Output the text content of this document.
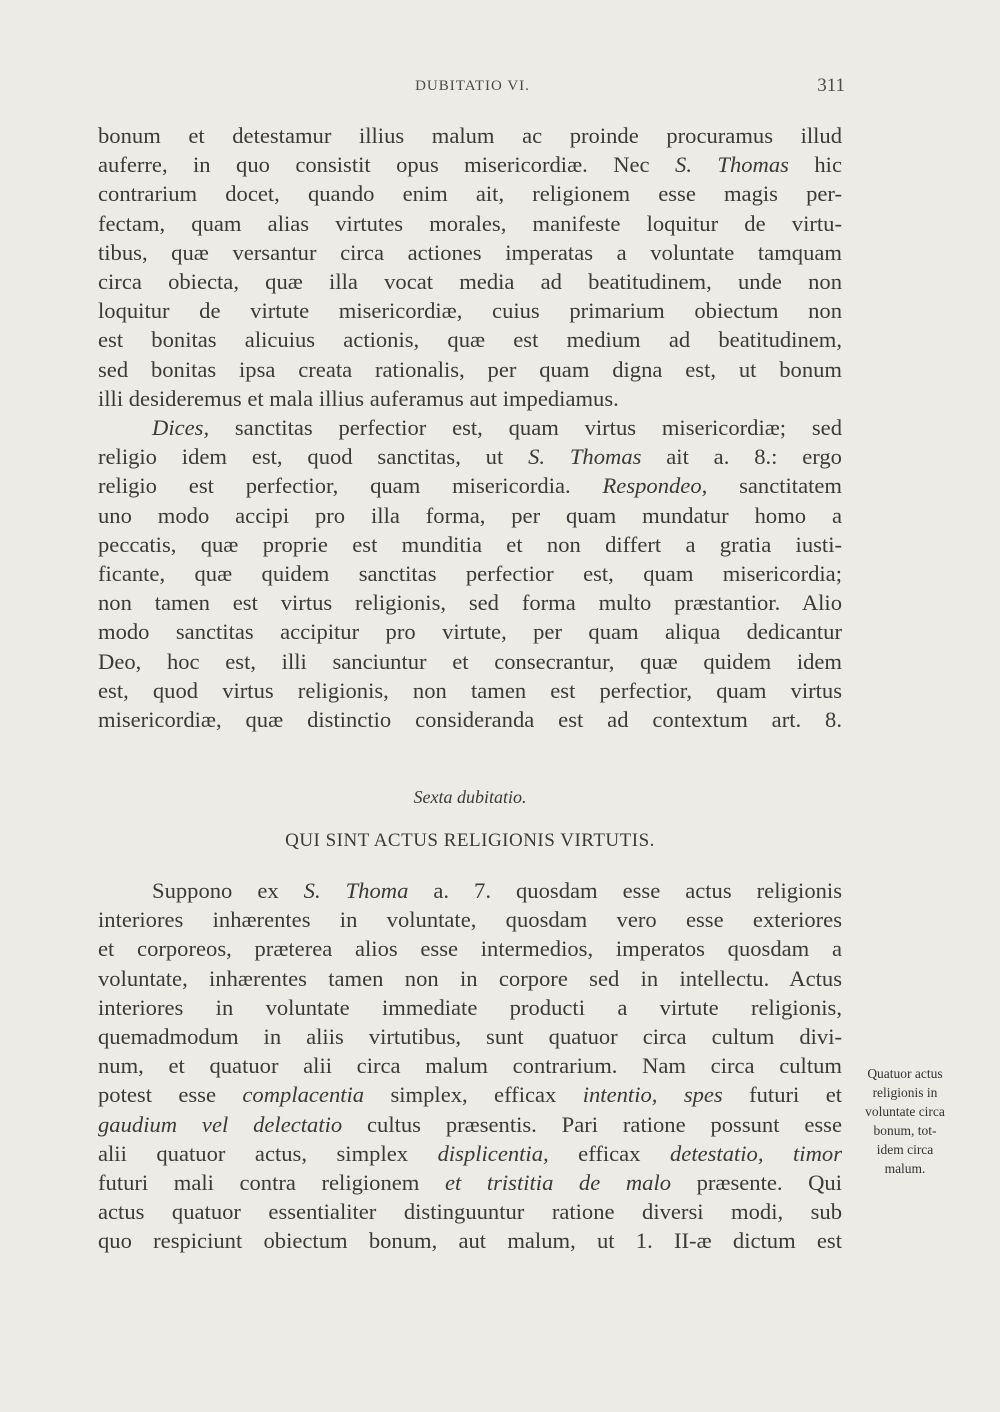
DUBITATIO VI.	311
bonum et detestamur illius malum ac proinde procuramus illud
auferre, in quo consistit opus misericordiæ. Nec S. Thomas hic
contrarium docet, quando enim ait, religionem esse magis per-
fectam, quam alias virtutes morales, manifeste loquitur de virtu-
tibus, quæ versantur circa actiones imperatas a voluntate tamquam
circa obiecta, quæ illa vocat media ad beatitudinem, unde non
loquitur de virtute misericordiæ, cuius primarium obiectum non
est bonitas alicuius actionis, quæ est medium ad beatitudinem,
sed bonitas ipsa creata rationalis, per quam digna est, ut bonum
illi desideremus et mala illius auferamus aut impediamus.
Dices, sanctitas perfectior est, quam virtus misericordiæ; sed
religio idem est, quod sanctitas, ut S. Thomas ait a. 8.: ergo
religio est perfectior, quam misericordia. Respondeo, sanctitatem
uno modo accipi pro illa forma, per quam mundatur homo a
peccatis, quæ proprie est munditia et non differt a gratia iusti-
ficante, quæ quidem sanctitas perfectior est, quam misericordia;
non tamen est virtus religionis, sed forma multo præstantior. Alio
modo sanctitas accipitur pro virtute, per quam aliqua dedicantur
Deo, hoc est, illi sanciuntur et consecrantur, quæ quidem idem
est, quod virtus religionis, non tamen est perfectior, quam virtus
misericordiæ, quæ distinctio consideranda est ad contextum art. 8.
Sexta dubitatio.
QUI SINT ACTUS RELIGIONIS VIRTUTIS.
Suppono ex S. Thoma a. 7. quosdam esse actus religionis
interiores inhærentes in voluntate, quosdam vero esse exteriores
et corporeos, præterea alios esse intermedios, imperatos quosdam a
voluntate, inhærentes tamen non in corpore sed in intellectu. Actus
interiores in voluntate immediate producti a virtute religionis,
quemadmodum in aliis virtutibus, sunt quatuor circa cultum divi-
num, et quatuor alii circa malum contrarium. Nam circa cultum
potest esse complacentia simplex, efficax intentio, spes futuri et
gaudium vel delectatio cultus præsentis. Pari ratione possunt esse
alii quatuor actus, simplex displicentia, efficax detestatio, timor
futuri mali contra religionem et tristitia de malo præsente. Qui
actus quatuor essentialiter distinguuntur ratione diversi modi, sub
quo respiciunt obiectum bonum, aut malum, ut 1. II-æ dictum est
Quatuor actus
religionis in
voluntate circa
bonum, tot-
idem circa
malum.
